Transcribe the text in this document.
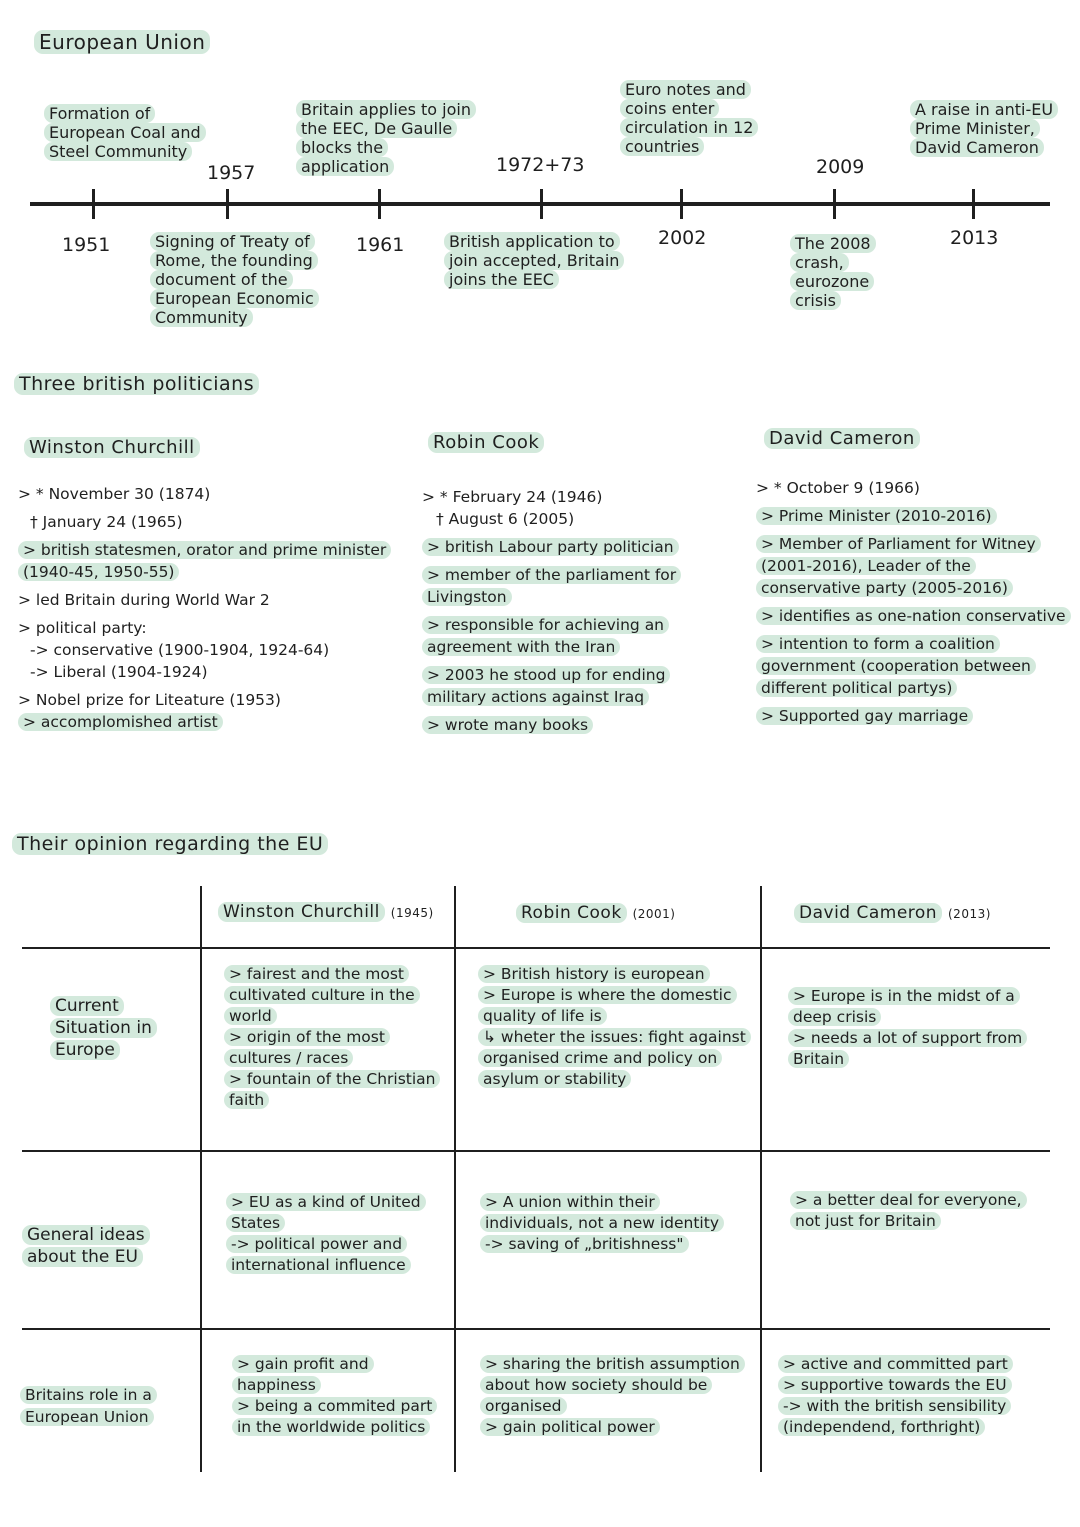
European Union
Formation of European Coal and Steel Community
1951
1957
Signing of Treaty of Rome, the founding document of the European Economic Community
Britain applies to join the EEC, De Gaulle blocks the application
1961
1972+73
British application to join accepted, Britain joins the EEC
Euro notes and coins enter circulation in 12 countries
2002
2009
The 2008 crash, eurozone crisis
A raise in anti-EU Prime Minister, David Cameron
2013
Three british politicians
Winston Churchill

> * November 30 (1874)

† January 24 (1965)

> british statesmen, orator and prime minister (1940-45, 1950-55)

> led Britain during World War 2

> political party:

-> conservative (1900-1904, 1924-64)

-> Liberal (1904-1924)

> Nobel prize for Liteature (1953)

> accomplomished artist

Robin Cook

> * February 24 (1946)

† August 6 (2005)

> british Labour party politician

> member of the parliament for Livingston

> responsible for achieving an agreement with the Iran

> 2003 he stood up for ending military actions against Iraq

> wrote many books

David Cameron

> * October 9 (1966)

> Prime Minister (2010-2016)

> Member of Parliament for Witney (2001-2016), Leader of the conservative party (2005-2016)

> identifies as one-nation conservative

> intention to form a coalition government (cooperation between different political partys)

> Supported gay marriage

Their opinion regarding the EU
Winston Churchill (1945)	Robin Cook (2001)	David Cameron (2013)
Current Situation in Europe
General ideas about the EU
Britains role in a European Union

> fairest and the most cultivated culture in the world

> origin of the most cultures / races

> fountain of the Christian faith

> British history is european

> Europe is where the domestic quality of life is

↳ wheter the issues: fight against organised crime and policy on asylum or stability

> Europe is in the midst of a deep crisis

> needs a lot of support from Britain

> EU as a kind of United States

-> political power and international influence

> A union within their individuals, not a new identity

-> saving of „britishness"

> a better deal for everyone, not just for Britain

> gain profit and happiness

> being a commited part in the worldwide politics

> sharing the british assumption about how society should be organised

> gain political power

> active and committed part

> supportive towards the EU

-> with the british sensibility (independend, forthright)
